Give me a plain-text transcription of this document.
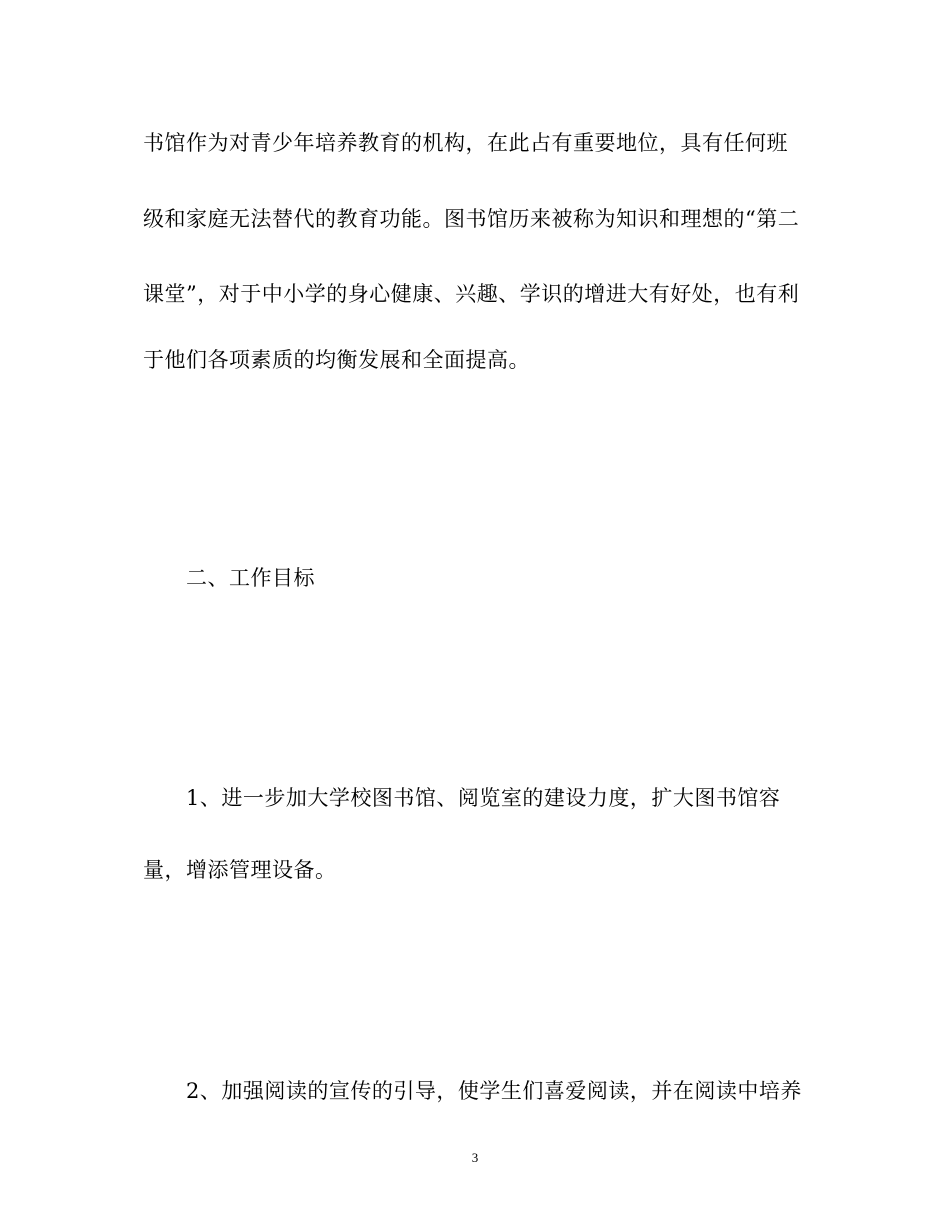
书馆作为对青少年培养教育的机构，在此占有重要地位，具有任何班
级和家庭无法替代的教育功能。图书馆历来被称为知识和理想的“第二
课堂”，对于中小学的身心健康、兴趣、学识的增进大有好处，也有利
于他们各项素质的均衡发展和全面提高。
二、工作目标
1、进一步加大学校图书馆、阅览室的建设力度，扩大图书馆容
量，增添管理设备。
2、加强阅读的宣传的引导，使学生们喜爱阅读，并在阅读中培养
3
